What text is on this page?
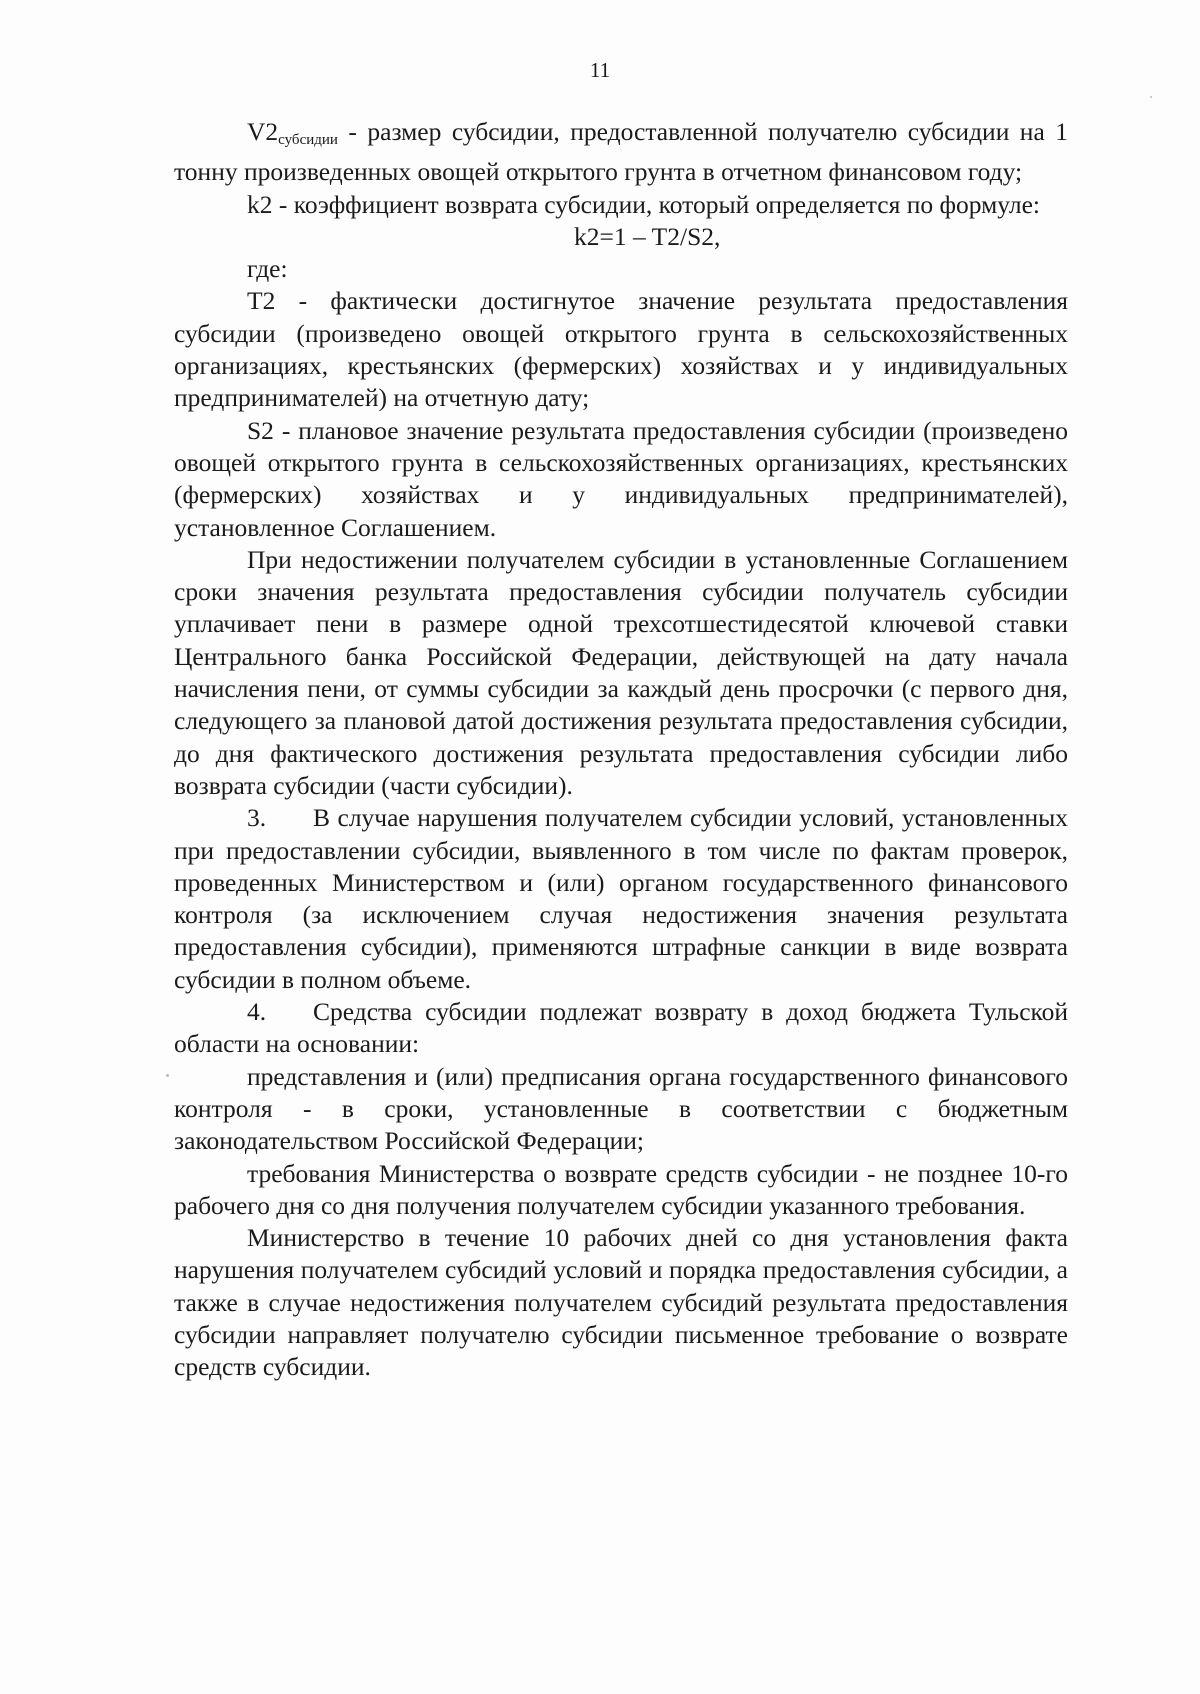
11

V2субсидии - размер субсидии, предоставленной получателю субсидии на 1 тонну произведенных овощей открытого грунта в отчетном финансовом году;

k2 - коэффициент возврата субсидии, который определяется по формуле:

k2=1 – T2/S2,

где:

T2 - фактически достигнутое значение результата предоставления субсидии (произведено овощей открытого грунта в сельскохозяйственных организациях, крестьянских (фермерских) хозяйствах и у индивидуальных предпринимателей) на отчетную дату;

S2 - плановое значение результата предоставления субсидии (произведено овощей открытого грунта в сельскохозяйственных организациях, крестьянских (фермерских) хозяйствах и у индивидуальных предпринимателей), установленное Соглашением.

При недостижении получателем субсидии в установленные Соглашением сроки значения результата предоставления субсидии получатель субсидии уплачивает пени в размере одной трехсотшестидесятой ключевой ставки Центрального банка Российской Федерации, действующей на дату начала начисления пени, от суммы субсидии за каждый день просрочки (с первого дня, следующего за плановой датой достижения результата предоставления субсидии, до дня фактического достижения результата предоставления субсидии либо возврата субсидии (части субсидии).

3. В случае нарушения получателем субсидии условий, установленных при предоставлении субсидии, выявленного в том числе по фактам проверок, проведенных Министерством и (или) органом государственного финансового контроля (за исключением случая недостижения значения результата предоставления субсидии), применяются штрафные санкции в виде возврата субсидии в полном объеме.

4. Средства субсидии подлежат возврату в доход бюджета Тульской области на основании:

представления и (или) предписания органа государственного финансового контроля - в сроки, установленные в соответствии с бюджетным законодательством Российской Федерации;

требования Министерства о возврате средств субсидии - не позднее 10-го рабочего дня со дня получения получателем субсидии указанного требования.

Министерство в течение 10 рабочих дней со дня установления факта нарушения получателем субсидий условий и порядка предоставления субсидии, а также в случае недостижения получателем субсидий результата предоставления субсидии направляет получателю субсидии письменное требование о возврате средств субсидии.
